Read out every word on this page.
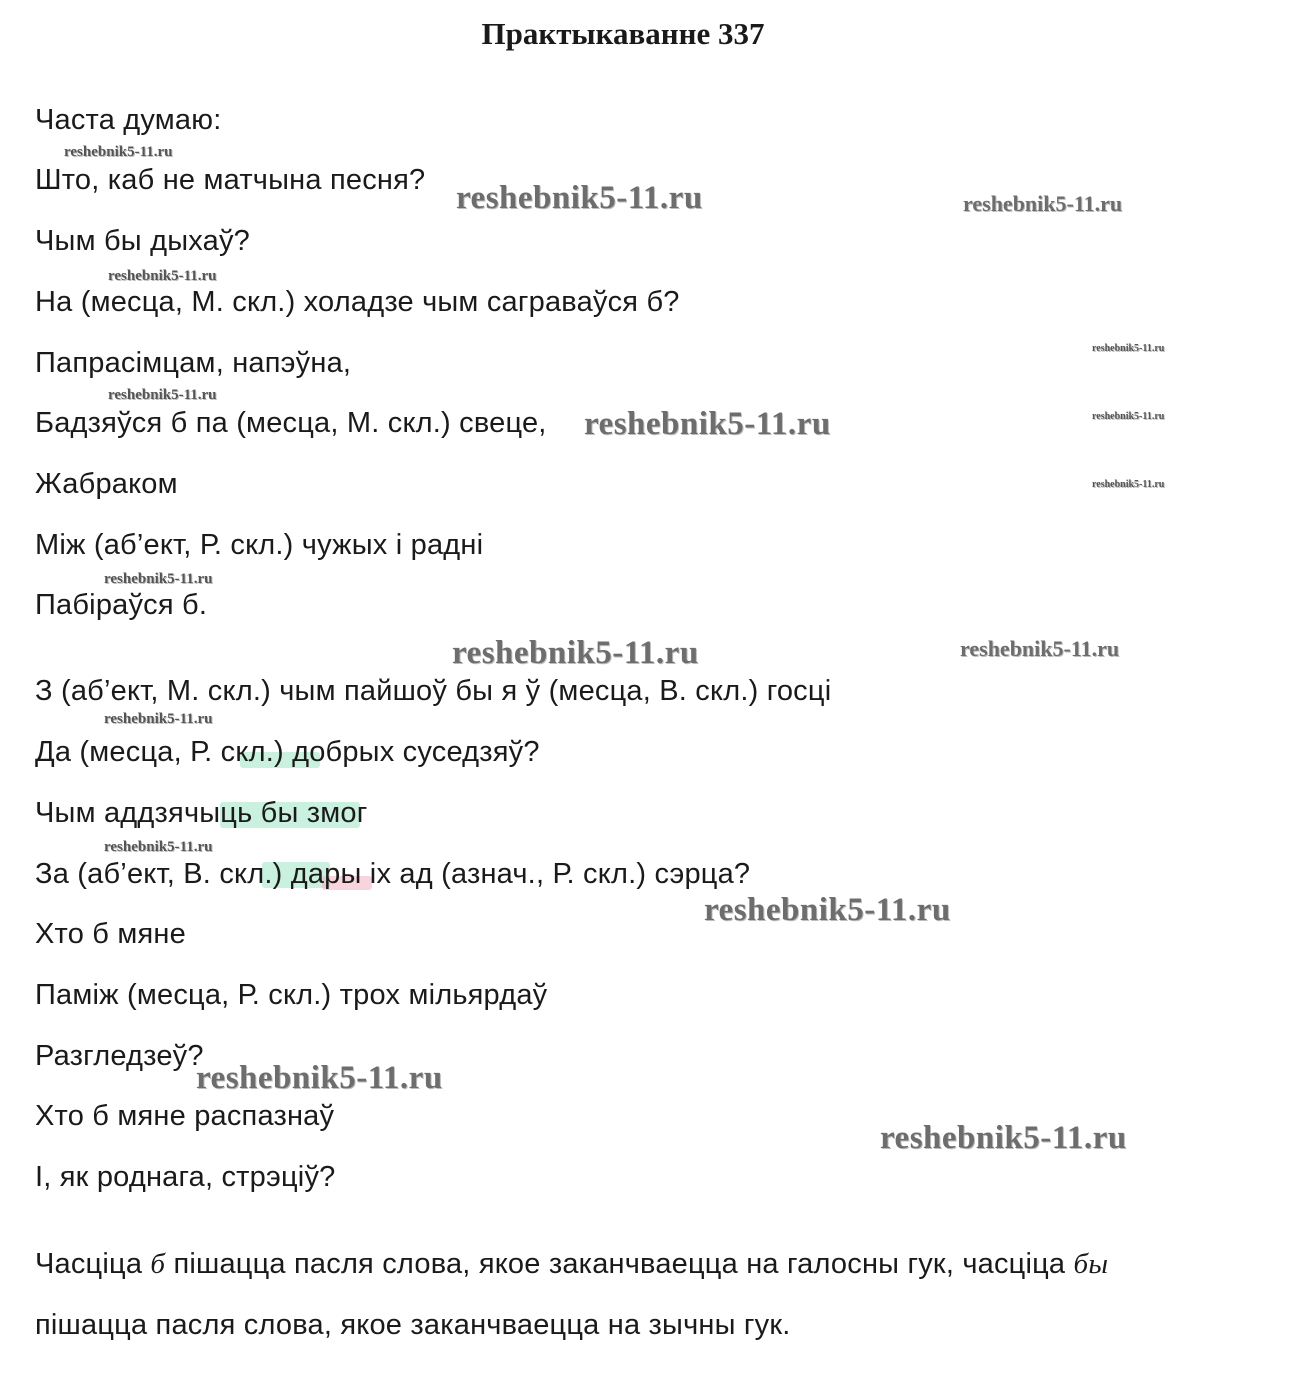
Практыкаванне 337
Часта думаю:
Што, каб не матчына песня?
Чым бы дыхаў?
На (месца, М. скл.) холадзе чым саграваўся б?
Папрасімцам, напэўна,
Бадзяўся б па (месца, М. скл.) свеце,
Жабраком
Між (аб’ект, Р. скл.) чужых і радні
Пабіраўся б.
З (аб’ект, М. скл.) чым пайшоў бы я ў (месца, В. скл.) госці
Да (месца, Р. скл.) добрых суседзяў?
Чым аддзячыць бы змог
За (аб’ект, В. скл.) дары іх ад (азнач., Р. скл.) сэрца?
Хто б мяне
Паміж (месца, Р. скл.) трох мільярдаў
Разгледзеў?
Хто б мяне распазнаў
І, як роднага, стрэціў?
Часціца б пішацца пасля слова, якое заканчваецца на галосны гук, часціца бы
пішацца пасля слова, якое заканчваецца на зычны гук.
reshebnik5-11.ru
reshebnik5-11.ru	reshebnik5-11.ru
reshebnik5-11.ru
reshebnik5-11.ru
reshebnik5-11.ru
reshebnik5-11.ru	reshebnik5-11.ru
reshebnik5-11.ru
reshebnik5-11.ru
reshebnik5-11.ru	reshebnik5-11.ru
reshebnik5-11.ru
reshebnik5-11.ru
reshebnik5-11.ru
reshebnik5-11.ru
reshebnik5-11.ru
